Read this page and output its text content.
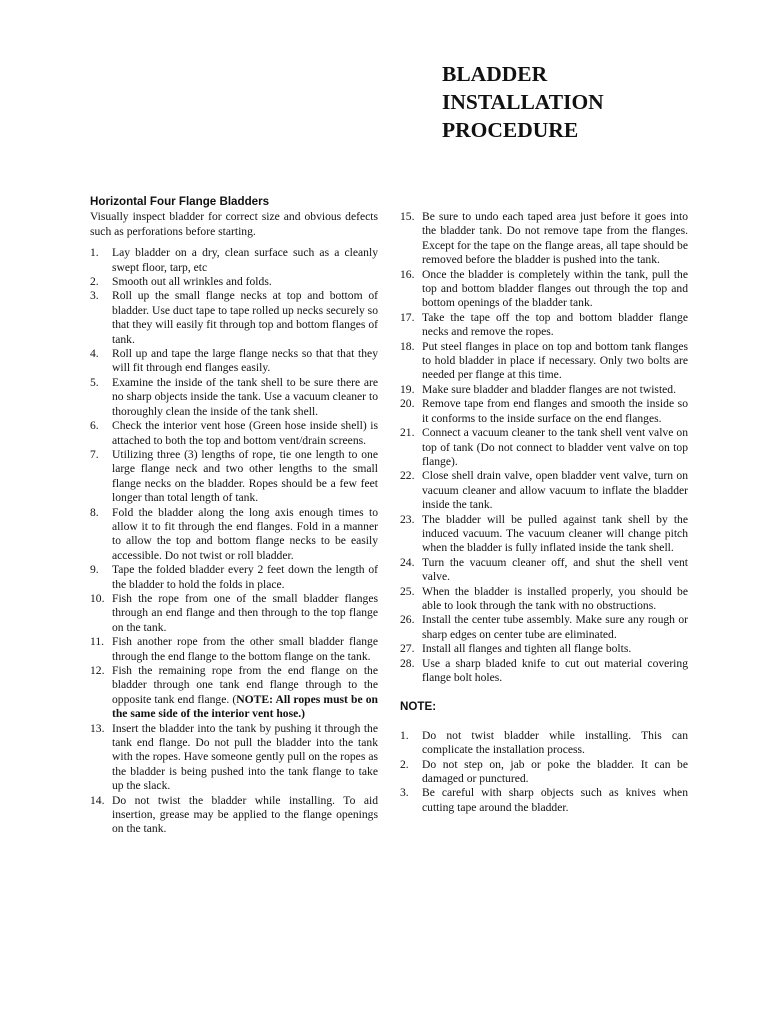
BLADDER
INSTALLATION
PROCEDURE
Horizontal Four Flange Bladders

Visually inspect bladder for correct size and obvious defects such as perforations before starting.

1.	Lay bladder on a dry, clean surface such as a cleanly swept floor, tarp, etc
2.	Smooth out all wrinkles and folds.
3.	Roll up the small flange necks at top and bottom of bladder. Use duct tape to tape rolled up necks securely so that they will easily fit through top and bottom flanges of tank.
4.	Roll up and tape the large flange necks so that that they will fit through end flanges easily.
5.	Examine the inside of the tank shell to be sure there are no sharp objects inside the tank. Use a vacuum cleaner to thoroughly clean the inside of the tank shell.
6.	Check the interior vent hose (Green hose inside shell) is attached to both the top and bottom vent/drain screens.
7.	Utilizing three (3) lengths of rope, tie one length to one large flange neck and two other lengths to the small flange necks on the bladder. Ropes should be a few feet longer than total length of tank.
8.	Fold the bladder along the long axis enough times to allow it to fit through the end flanges. Fold in a manner to allow the top and bottom flange necks to be easily accessible. Do not twist or roll bladder.
9.	Tape the folded bladder every 2 feet down the length of the bladder to hold the folds in place.
10. Fish the rope from one of the small bladder flanges through an end flange and then through to the top flange on the tank.
11. Fish another rope from the other small bladder flange through the end flange to the bottom flange on the tank.
12. Fish the remaining rope from the end flange on the bladder through one tank end flange through to the opposite tank end flange. (NOTE: All ropes must be on the same side of the interior vent hose.)
13. Insert the bladder into the tank by pushing it through the tank end flange. Do not pull the bladder into the tank with the ropes. Have someone gently pull on the ropes as the bladder is being pushed into the tank flange to take up the slack.
14. Do not twist the bladder while installing. To aid insertion, grease may be applied to the flange openings on the tank.
15. Be sure to undo each taped area just before it goes into the bladder tank. Do not remove tape from the flanges. Except for the tape on the flange areas, all tape should be removed before the bladder is pushed into the tank.
16. Once the bladder is completely within the tank, pull the top and bottom bladder flanges out through the top and bottom openings of the bladder tank.
17. Take the tape off the top and bottom bladder flange necks and remove the ropes.
18. Put steel flanges in place on top and bottom tank flanges to hold bladder in place if necessary. Only two bolts are needed per flange at this time.
19. Make sure bladder and bladder flanges are not twisted.
20. Remove tape from end flanges and smooth the inside so it conforms to the inside surface on the end flanges.
21. Connect a vacuum cleaner to the tank shell vent valve on top of tank (Do not connect to bladder vent valve on top flange).
22. Close shell drain valve, open bladder vent valve, turn on vacuum cleaner and allow vacuum to inflate the bladder inside the tank.
23. The bladder will be pulled against tank shell by the induced vacuum. The vacuum cleaner will change pitch when the bladder is fully inflated inside the tank shell.
24. Turn the vacuum cleaner off, and shut the shell vent valve.
25. When the bladder is installed properly, you should be able to look through the tank with no obstructions.
26. Install the center tube assembly. Make sure any rough or sharp edges on center tube are eliminated.
27. Install all flanges and tighten all flange bolts.
28. Use a sharp bladed knife to cut out material covering flange bolt holes.
NOTE:
1.	Do not twist bladder while installing. This can complicate the installation process.
2.	Do not step on, jab or poke the bladder. It can be damaged or punctured.
3.	Be careful with sharp objects such as knives when cutting tape around the bladder.
